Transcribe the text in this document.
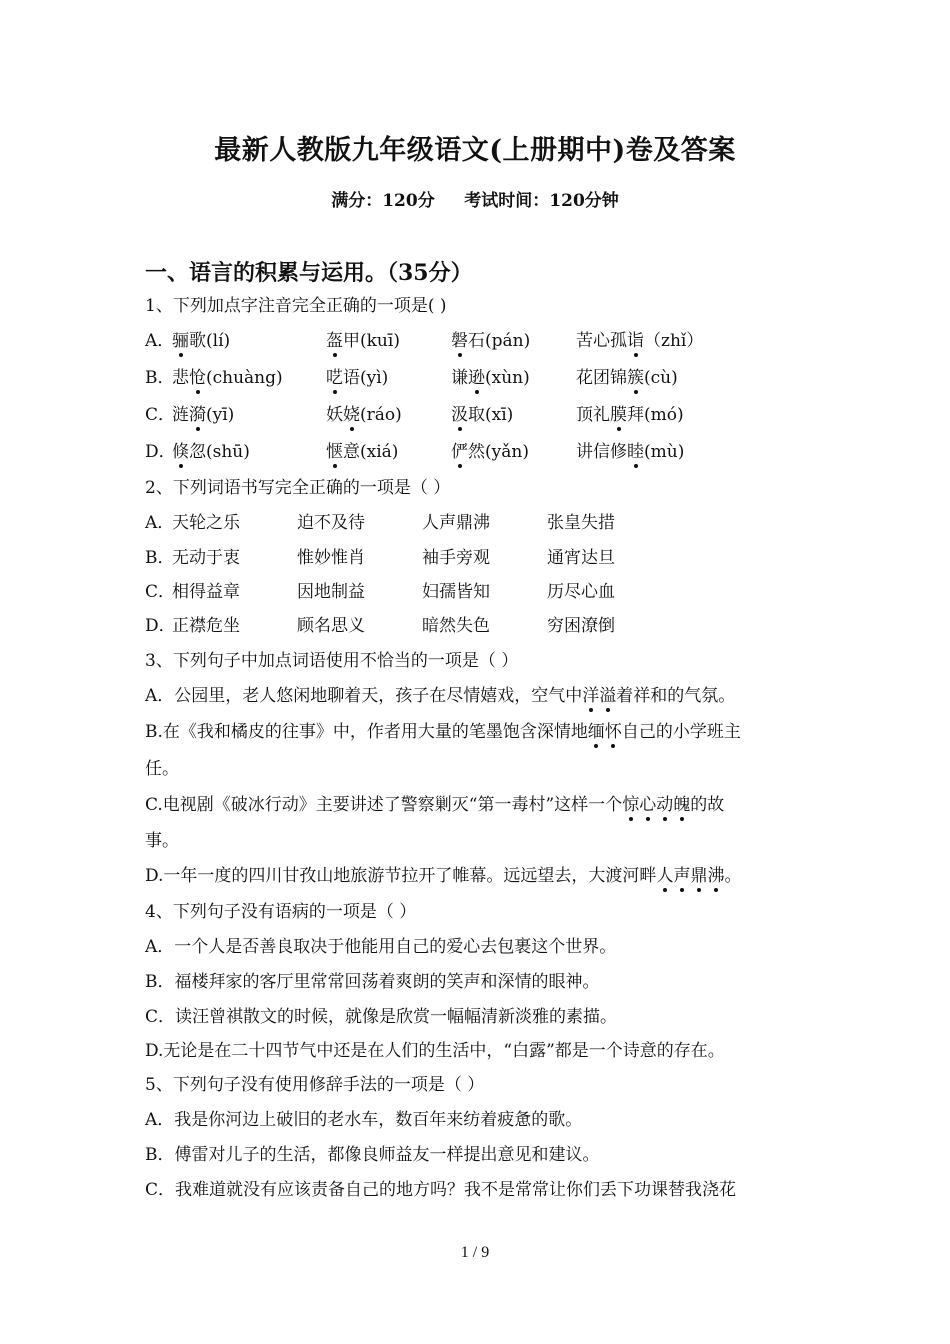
最新人教版九年级语文(上册期中)卷及答案
满分：120分     考试时间：120分钟
一、语言的积累与运用。（35分）
1、下列加点字注音完全正确的一项是( )
A．
骊歌(lí)	盔甲(kuī)	磐石(pán)	苦心孤诣（zhǐ）
B．
悲怆(chuàng)	呓语(yì)	谦逊(xùn)	花团锦簇(cù)
C．
涟漪(yī)	妖娆(ráo)	汲取(xī)	顶礼膜拜(mó)
D．
倏忽(shū)	惬意(xiá)	俨然(yǎn)	讲信修睦(mù)
2、下列词语书写完全正确的一项是（ ）
A．
天轮之乐	迫不及待	人声鼎沸	张皇失措
B．
无动于衷	惟妙惟肖	袖手旁观	通宵达旦
C．
相得益章	因地制益	妇孺皆知	历尽心血
D．
正襟危坐	顾名思义	暗然失色	穷困潦倒
3、下列句子中加点词语使用不恰当的一项是（ ）
A．公园里，老人悠闲地聊着天，孩子在尽情嬉戏，空气中洋溢着祥和的气氛。
B.在《我和橘皮的往事》中，作者用大量的笔墨饱含深情地缅怀自己的小学班主
任。
C.电视剧《破冰行动》主要讲述了警察剿灭“第一毒村”这样一个惊心动魄的故
事。
D.一年一度的四川甘孜山地旅游节拉开了帷幕。远远望去，大渡河畔人声鼎沸。
4、下列句子没有语病的一项是（ ）
A．一个人是否善良取决于他能用自己的爱心去包裹这个世界。
B．福楼拜家的客厅里常常回荡着爽朗的笑声和深情的眼神。
C．读汪曾祺散文的时候，就像是欣赏一幅幅清新淡雅的素描。
D.无论是在二十四节气中还是在人们的生活中，“白露”都是一个诗意的存在。
5、下列句子没有使用修辞手法的一项是（ ）
A．我是你河边上破旧的老水车，数百年来纺着疲惫的歌。
B．傅雷对儿子的生活，都像良师益友一样提出意见和建议。
C．我难道就没有应该责备自己的地方吗？我不是常常让你们丢下功课替我浇花
1 / 9
